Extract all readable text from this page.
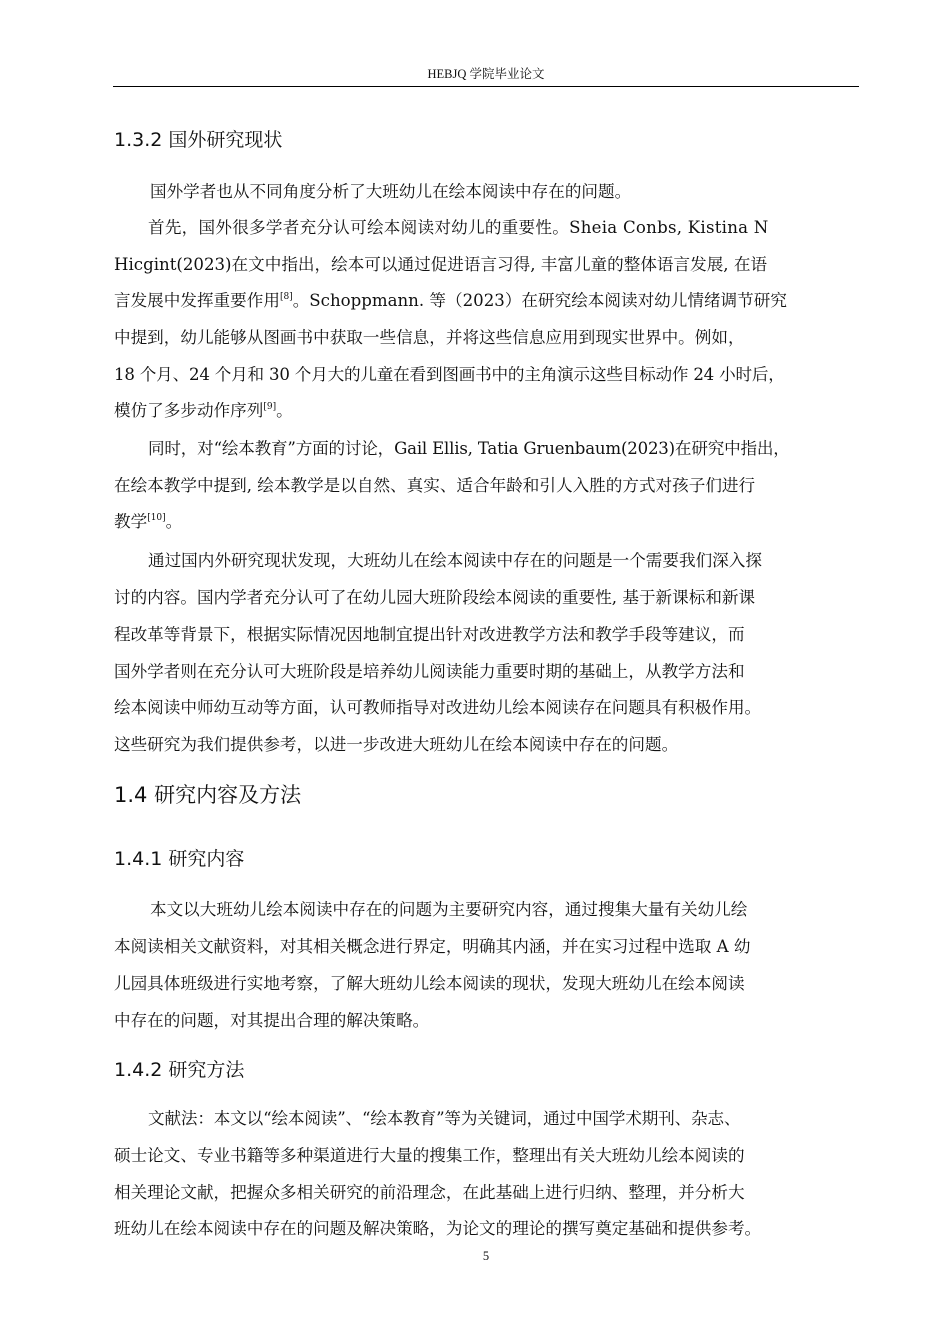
HEBJQ 学院毕业论文
1.3.2 国外研究现状

国外学者也从不同角度分析了大班幼儿在绘本阅读中存在的问题。

首先，国外很多学者充分认可绘本阅读对幼儿的重要性。Sheia Conbs, Kistina N

Hicgint(2023)在文中指出，绘本可以通过促进语言习得, 丰富儿童的整体语言发展, 在语

言发展中发挥重要作用[8]。Schoppmann. 等（2023）在研究绘本阅读对幼儿情绪调节研究

中提到，幼儿能够从图画书中获取一些信息，并将这些信息应用到现实世界中。例如，

18 个月、24 个月和 30 个月大的儿童在看到图画书中的主角演示这些目标动作 24 小时后，

模仿了多步动作序列[9]。

同时，对“绘本教育”方面的讨论，Gail Ellis, Tatia Gruenbaum(2023)在研究中指出，

在绘本教学中提到, 绘本教学是以自然、真实、适合年龄和引人入胜的方式对孩子们进行

教学[10]。

通过国内外研究现状发现，大班幼儿在绘本阅读中存在的问题是一个需要我们深入探

讨的内容。国内学者充分认可了在幼儿园大班阶段绘本阅读的重要性, 基于新课标和新课

程改革等背景下，根据实际情况因地制宜提出针对改进教学方法和教学手段等建议，而

国外学者则在充分认可大班阶段是培养幼儿阅读能力重要时期的基础上，从教学方法和

绘本阅读中师幼互动等方面，认可教师指导对改进幼儿绘本阅读存在问题具有积极作用。

这些研究为我们提供参考，以进一步改进大班幼儿在绘本阅读中存在的问题。

1.4 研究内容及方法
1.4.1 研究内容

本文以大班幼儿绘本阅读中存在的问题为主要研究内容，通过搜集大量有关幼儿绘

本阅读相关文献资料，对其相关概念进行界定，明确其内涵，并在实习过程中选取 A 幼

儿园具体班级进行实地考察，了解大班幼儿绘本阅读的现状，发现大班幼儿在绘本阅读

中存在的问题，对其提出合理的解决策略。

1.4.2 研究方法

文献法：本文以“绘本阅读”、“绘本教育”等为关键词，通过中国学术期刊、杂志、

硕士论文、专业书籍等多种渠道进行大量的搜集工作，整理出有关大班幼儿绘本阅读的

相关理论文献，把握众多相关研究的前沿理念，在此基础上进行归纳、整理，并分析大

班幼儿在绘本阅读中存在的问题及解决策略，为论文的理论的撰写奠定基础和提供参考。

5
